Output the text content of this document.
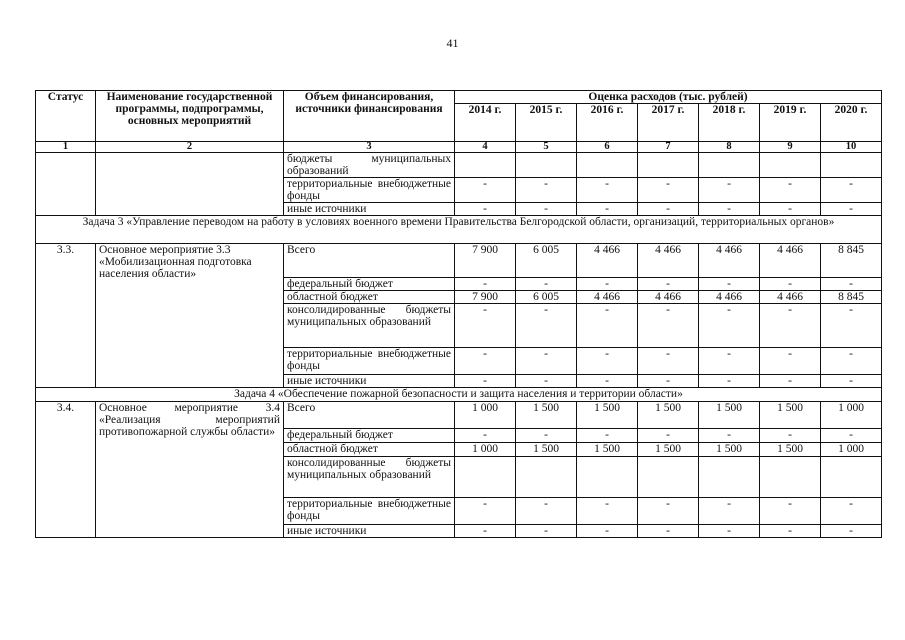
41
Статус	Наименование государственной программы, подпрограммы, основных мероприятий	Объем финансирования, источники финансирования	Оценка расходов (тыс. рублей)						
			2014 г.	2015 г.	2016 г.	2017 г.	2018 г.	2019 г.	2020 г.
1	2	3	4	5	6	7	8	9	10
		бюджеты муниципальных образований							
		территориальные внебюджетные фонды	-	-	-	-	-	-	-
		иные источники	-	-	-	-	-	-	-
Задача 3 «Управление переводом на работу в условиях военного времени Правительства Белгородской области, организаций, территориальных органов»									
3.3.	Основное мероприятие 3.3 «Мобилизационная подготовка населения области»	Всего	7 900	6 005	4 466	4 466	4 466	4 466	8 845
		федеральный бюджет	-	-	-	-	-	-	-
		областной бюджет	7 900	6 005	4 466	4 466	4 466	4 466	8 845
		консолидированные бюджеты муниципальных образований	-	-	-	-	-	-	-
		территориальные внебюджетные фонды	-	-	-	-	-	-	-
		иные источники	-	-	-	-	-	-	-
Задача 4 «Обеспечение пожарной безопасности и защита населения и территории области»									
3.4.	Основное мероприятие 3.4 «Реализация мероприятий противопожарной службы области»	Всего	1 000	1 500	1 500	1 500	1 500	1 500	1 000
		федеральный бюджет	-	-	-	-	-	-	-
		областной бюджет	1 000	1 500	1 500	1 500	1 500	1 500	1 000
		консолидированные бюджеты муниципальных образований							
		территориальные внебюджетные фонды	-	-	-	-	-	-	-
		иные источники	-	-	-	-	-	-	-
